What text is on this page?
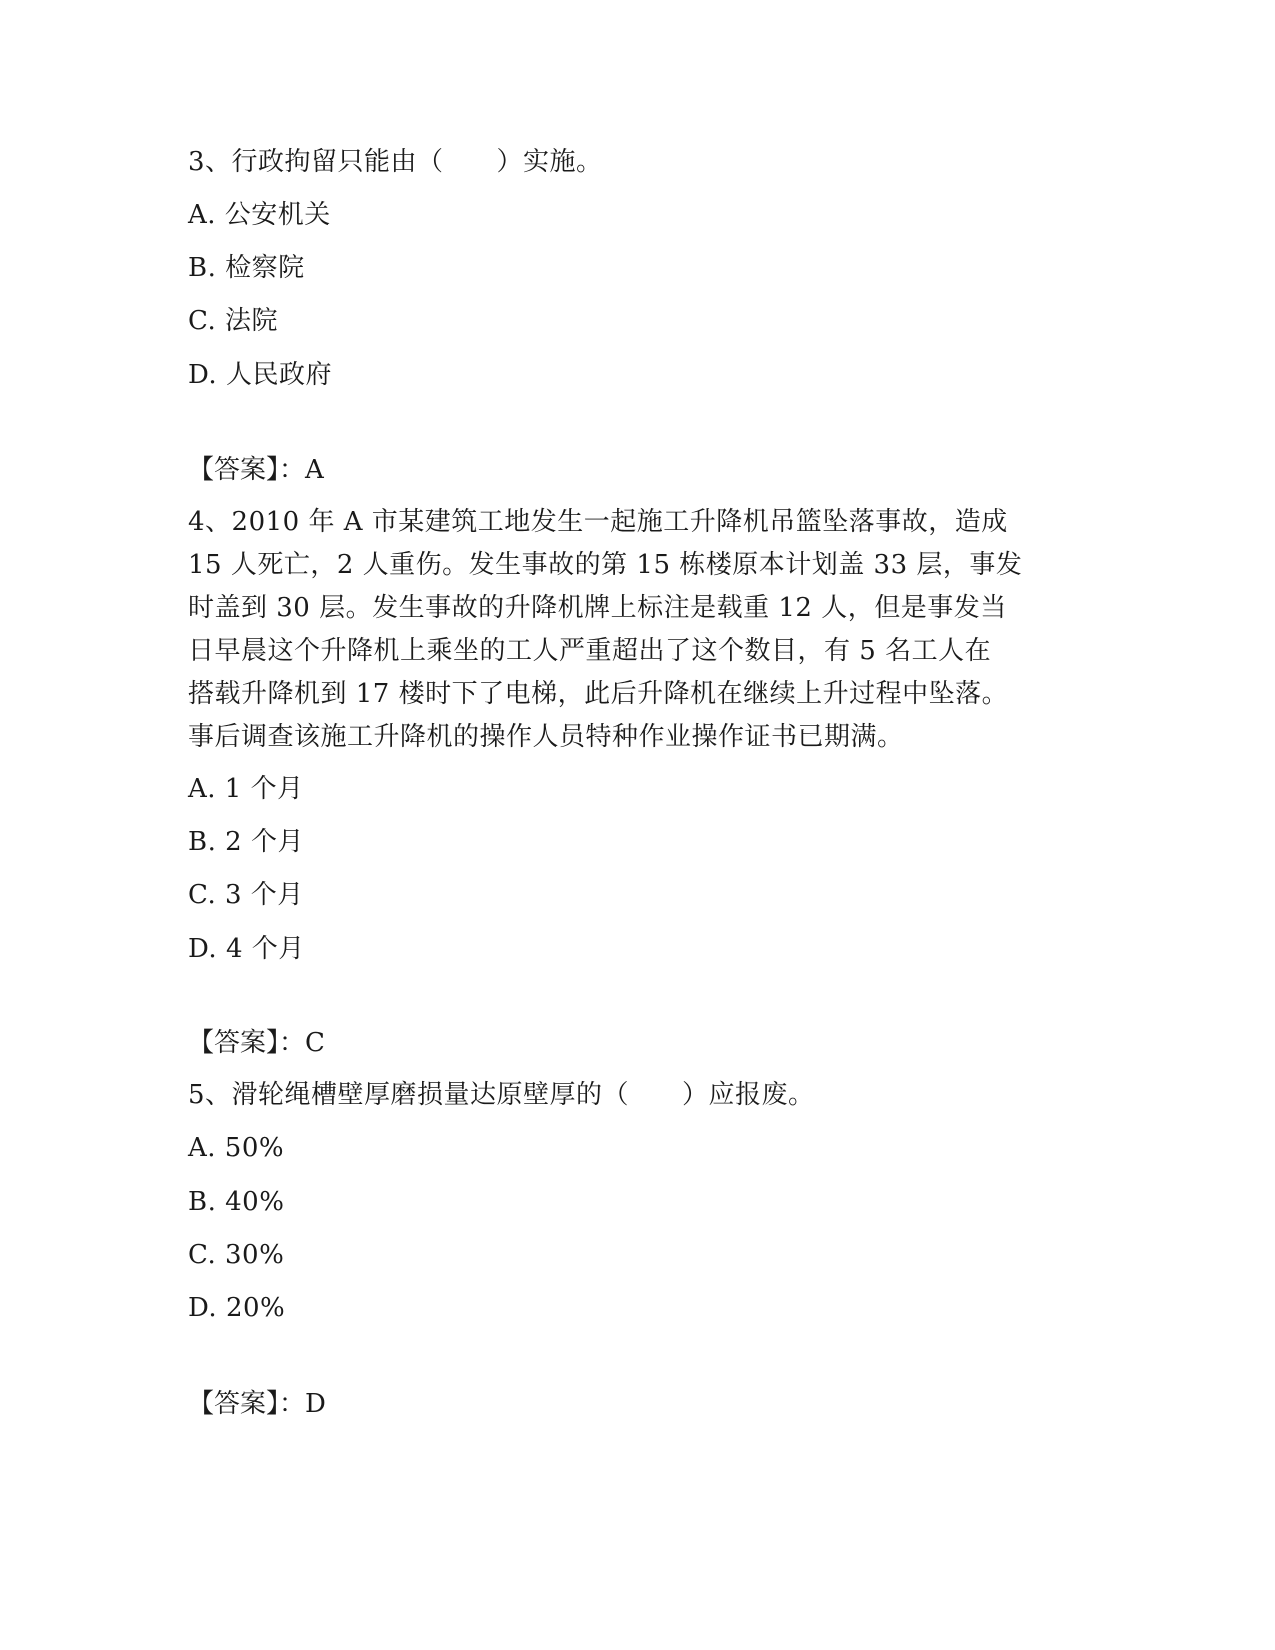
3、行政拘留只能由（　　）实施。
A. 公安机关
B. 检察院
C. 法院
D. 人民政府
【答案】：A
4、2010 年 A 市某建筑工地发生一起施工升降机吊篮坠落事故，造成
15 人死亡，2 人重伤。发生事故的第 15 栋楼原本计划盖 33 层，事发
时盖到 30 层。发生事故的升降机牌上标注是载重 12 人，但是事发当
日早晨这个升降机上乘坐的工人严重超出了这个数目，有 5 名工人在
搭载升降机到 17 楼时下了电梯，此后升降机在继续上升过程中坠落。
事后调查该施工升降机的操作人员特种作业操作证书已期满。
A. 1 个月
B. 2 个月
C. 3 个月
D. 4 个月
【答案】：C
5、滑轮绳槽壁厚磨损量达原壁厚的（　　）应报废。
A. 50%
B. 40%
C. 30%
D. 20%
【答案】：D
